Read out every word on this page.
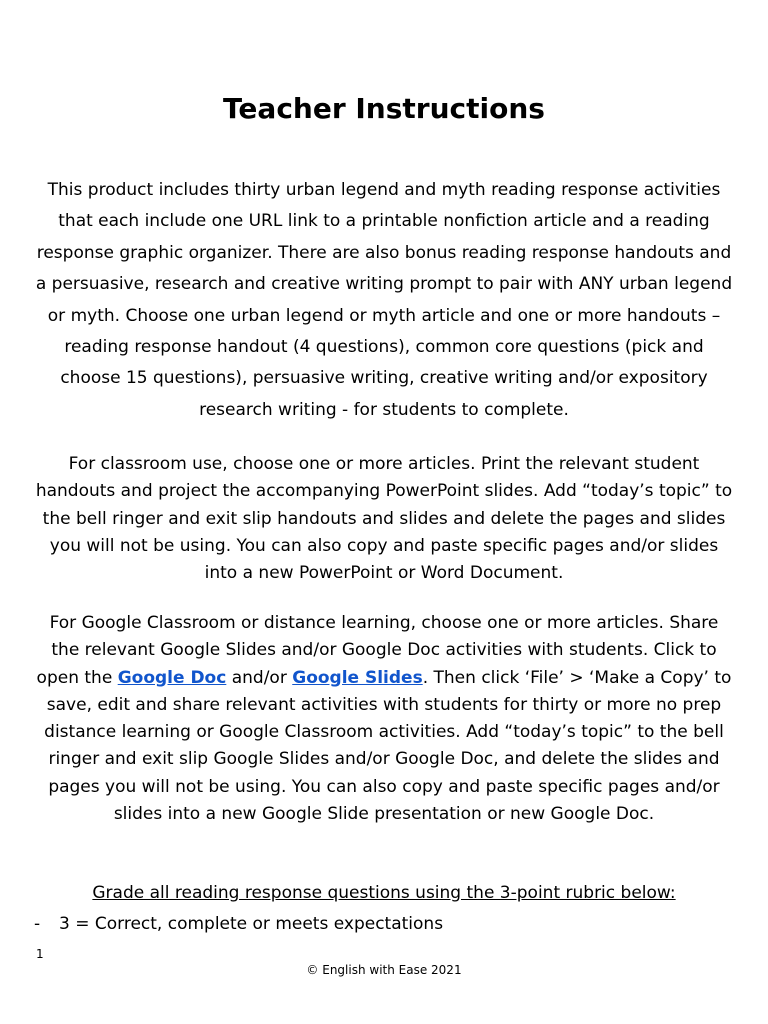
Teacher Instructions

This product includes thirty urban legend and myth reading response activities that each include one URL link to a printable nonfiction article and a reading response graphic organizer. There are also bonus reading response handouts and a persuasive, research and creative writing prompt to pair with ANY urban legend or myth. Choose one urban legend or myth article and one or more handouts – reading response handout (4 questions), common core questions (pick and choose 15 questions), persuasive writing, creative writing and/or expository research writing - for students to complete.

For classroom use, choose one or more articles. Print the relevant student handouts and project the accompanying PowerPoint slides. Add “today’s topic” to the bell ringer and exit slip handouts and slides and delete the pages and slides you will not be using. You can also copy and paste specific pages and/or slides into a new PowerPoint or Word Document.

For Google Classroom or distance learning, choose one or more articles. Share the relevant Google Slides and/or Google Doc activities with students. Click to open the Google Doc and/or Google Slides. Then click ‘File’ > ‘Make a Copy’ to save, edit and share relevant activities with students for thirty or more no prep distance learning or Google Classroom activities. Add “today’s topic” to the bell ringer and exit slip Google Slides and/or Google Doc, and delete the slides and pages you will not be using. You can also copy and paste specific pages and/or slides into a new Google Slide presentation or new Google Doc.

Grade all reading response questions using the 3-point rubric below:

- 3 = Correct, complete or meets expectations
1
© English with Ease 2021
